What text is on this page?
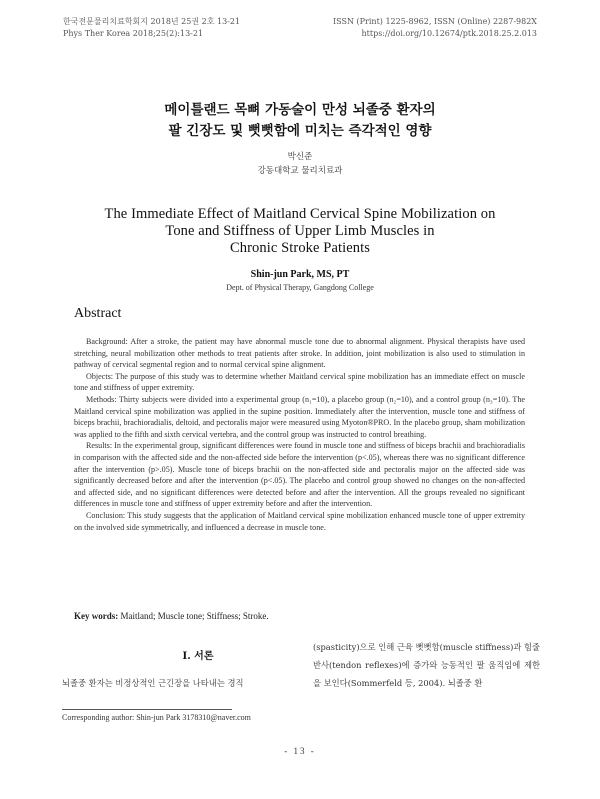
한국전문물리치료학회지 2018년 25권 2호 13-21	ISSN (Print) 1225-8962, ISSN (Online) 2287-982X
Phys Ther Korea 2018;25(2):13-21	https://doi.org/10.12674/ptk.2018.25.2.013
메이틀랜드 목뼈 가동술이 만성 뇌졸중 환자의
팔 긴장도 및 뻣뻣함에 미치는 즉각적인 영향
박신준
강동대학교 물리치료과
The Immediate Effect of Maitland Cervical Spine Mobilization on
Tone and Stiffness of Upper Limb Muscles in
Chronic Stroke Patients
Shin-jun Park, MS, PT
Dept. of Physical Therapy, Gangdong College
Abstract

Background: After a stroke, the patient may have abnormal muscle tone due to abnormal alignment. Physical therapists have used stretching, neural mobilization other methods to treat patients after stroke. In addition, joint mobilization is also used to stimulation in pathway of cervical segmental region and to normal cervical spine alignment.

Objects: The purpose of this study was to determine whether Maitland cervical spine mobilization has an immediate effect on muscle tone and stiffness of upper extremity.

Methods: Thirty subjects were divided into a experimental group (n₁=10), a placebo group (n₂=10), and a control group (n₃=10). The Maitland cervical spine mobilization was applied in the supine position. Immediately after the intervention, muscle tone and stiffness of biceps brachii, brachioradialis, deltoid, and pectoralis major were measured using Myoton®PRO. In the placebo group, sham mobilization was applied to the fifth and sixth cervical vertebra, and the control group was instructed to control breathing.

Results: In the experimental group, significant differences were found in muscle tone and stiffness of biceps brachii and brachioradialis in comparison with the affected side and the non-affected side before the intervention (p<.05), whereas there was no significant difference after the intervention (p>.05). Muscle tone of biceps brachii on the non-affected side and pectoralis major on the affected side was significantly decreased before and after the intervention (p<.05). The placebo and control group showed no changes on the non-affected and affected side, and no significant differences were detected before and after the intervention. All the groups revealed no significant differences in muscle tone and stiffness of upper extremity before and after the intervention.

Conclusion: This study suggests that the application of Maitland cervical spine mobilization enhanced muscle tone of upper extremity on the involved side symmetrically, and influenced a decrease in muscle tone.

Key words: Maitland; Muscle tone; Stiffness; Stroke.
Ⅰ. 서론
뇌졸중 환자는 비정상적인 근긴장을 나타내는 경직
(spasticity)으로 인해 근육 뻣뻣함(muscle stiffness)과 힘줄반사(tendon reflexes)에 증가와 능동적인 팔 움직임에 제한을 보인다(Sommerfeld 등, 2004). 뇌졸중 환
Corresponding author: Shin-jun Park 3178310@naver.com
- 13 -
